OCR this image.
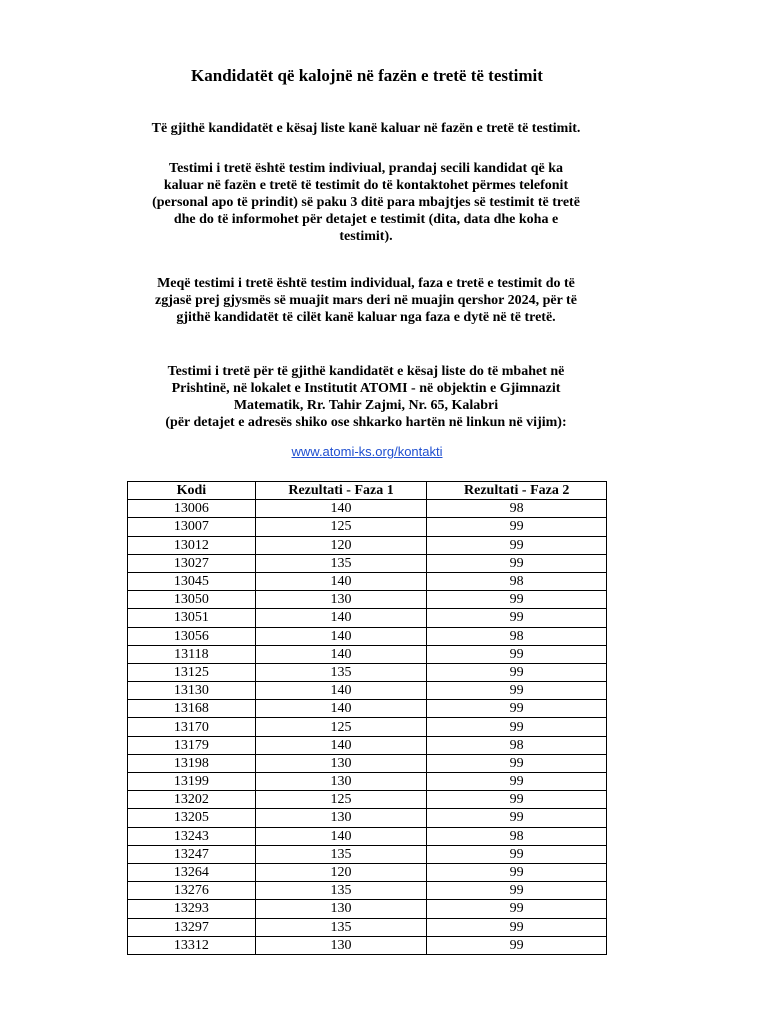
Kandidatët që kalojnë në fazën e tretë të testimit

Të gjithë kandidatët e kësaj liste kanë kaluar në fazën e tretë të testimit.

Testimi i tretë është testim indiviual, prandaj secili kandidat që ka
kaluar në fazën e tretë të testimit do të kontaktohet përmes telefonit
(personal apo të prindit) së paku 3 ditë para mbajtjes së testimit të tretë
dhe do të informohet për detajet e testimit (dita, data dhe koha e
testimit).

Meqë testimi i tretë është testim individual, faza e tretë e testimit do të
zgjasë prej gjysmës së muajit mars deri në muajin qershor 2024, për të
gjithë kandidatët të cilët kanë kaluar nga faza e dytë në të tretë.

Testimi i tretë për të gjithë kandidatët e kësaj liste do të mbahet në
Prishtinë, në lokalet e Institutit ATOMI - në objektin e Gjimnazit
Matematik, Rr. Tahir Zajmi, Nr. 65, Kalabri
(për detajet e adresës shiko ose shkarko hartën në linkun në vijim):

www.atomi-ks.org/kontakti
Kodi	Rezultati - Faza 1	Rezultati - Faza 2
13006	140	98
13007	125	99
13012	120	99
13027	135	99
13045	140	98
13050	130	99
13051	140	99
13056	140	98
13118	140	99
13125	135	99
13130	140	99
13168	140	99
13170	125	99
13179	140	98
13198	130	99
13199	130	99
13202	125	99
13205	130	99
13243	140	98
13247	135	99
13264	120	99
13276	135	99
13293	130	99
13297	135	99
13312	130	99
